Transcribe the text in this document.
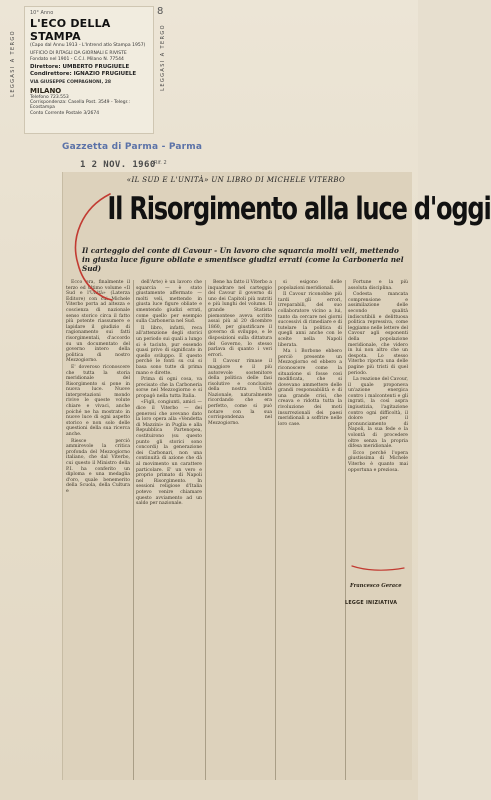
10° Anno
L'ECO DELLA STAMPA
(Capo dal Annu 1913 - L'Intrend atlo Stampa 1957)
UFFICIO DI RITAGLI DA GIORNALI E RIVISTE
Fondato nel 1901 - C.C.I. Milano N. 77544
Direttore: UMBERTO FRUGIUELE
Condirettore: IGNAZIO FRUGIUELE
VIA GIUSEPPE COMPAGNONI, 28
MILANO
Telefono 723.553
Corrispondenza: Casella Post. 3549 - Telegr.: Ecostampa
Conto Corrente Postale 3/2674
LEGGASI A TERGO	LEGGASI A TERGO
8
Gazzetta di Parma - Parma
1 2 NOV. 1960
Rif. 2
«IL SUD E L'UNITÀ» UN LIBRO DI MICHELE VITERBO
Il Risorgimento alla luce d'oggi
Il carteggio del conte di Cavour - Un lavoro che squarcia molti veli, mettendo in giusta luce figure obliate e smentisce giudizi errati (come la Carboneria nel Sud)

Ecco era, finalmente il terzo ed ultimo volume «Il Sud e l'Unità» (Laterza Editore) con cui Michele Viterbo porta ad altezza e coscienza di nazionale senso storico circa il fatto più potente riassumere e lapidare il giudizio di ragionamento sui fatti risorgimentali, d'accordo su un documentato del governo intero della politica di nostro Mezzogiorno.

E' doveroso riconoscere che tutta la storia meridionale del Risorgimento si pone in nuova luce. Nuove interpretazioni mondo rivive le queste volute chiare e vivaci, anche poiché ne ha mostrato in nuove luce di ogni aspetto storico e non solo delle questioni della sua ricerca anche.

Riesce perciò ammirevole la critica profonda del Mezzogiorno italiano, che dal Viterbo, cui questo il Ministro della P.I. ha conferito un diploma e una medaglia d'oro, quale benemerito della Scuola, della Cultura e

dell'Arte) è un lavoro che squarcia — è stato giustamente affermato — molti veli, mettendo in giusta luce figure obliate e smentendo giudizi errati, come quello per esempio sulla Carboneria nel Sud.

Il libro, infatti, reca all'attenzione degli storici un periodo sui quali a lungo si è taciuto, pur essendo quasi privo di significato in quello sviluppo. E questo perché le fonti su cui si basa sono tutte di prima mano e dirette.

Prima di ogni cosa, va precisato che la Carboneria sorse nel Mezzogiorno e si propagò nella tutta Italia.

«Figli, congiunti, amici — dice il Viterbo — dei generosi che avevano dato la loro opera alla «Vendetta di Mazzini» in Puglia e alla Repubblica Partenopea, costituirono (su questo punto gli storici sono concordi) la generazione dei Carbonari, non una continuità di azione che dà al movimento un carattere particolare. E' un vero e proprio primato di Napoli nel Risorgimento. In sessioni religiose d'Italia potevo venire chiamare questo avviamento ad un saldo per nazionale.

Bene ha fatto il Viterbo a inquadrare nel carteggio del Cavour il governo di uno dei Capitoli più nutriti e più lunghi del volume. Il grande Statista piemontese aveva scritto assai più al 20 dicembre 1860, per giustificare il governo di sviluppo, e le disposizioni sulla dittatura del Governo, lo stesso parlava di quanto i veri errori.

Il Cavour rimase il maggiore e il più autorevole sostenitore della politica delle fasi risolutive e conclusive della nostra Unità Nazionale, naturalmente ricordando che era perfetto, come si può notare con la sua corrispondenza nel Mezzogiorno.

si esigono delle popolazioni meridionali.

Il Cavour riconobbe più tardi gli errori, irreparabili, del suo collaboratore vicino a lui, tanto da cercare nei giorni successivi di rimediare e di tutelare la politica di quegli anni anche con le scelte nella Napoli liberata.

Ma i Borbone ebbero perciò presente un Mezzogiorno ed ebbero a riconoscere come la situazione si fosse così modificata, che si dovevano ammettere delle grandi responsabilità e di una grande crisi, che creava e ridotta tutta la rivoluzione dei moti insurrezionali dei paesi meridionali a soffrire nelle loro case.

Fortune e la più assoluta disciplina.

Codesta mancata comprensione e assimilazione delle secondo qualità indiscutibili e delittuosa politica repressiva, come leggiamo nelle lettere del Cavour agli esponenti della popolazione meridionale, che videro in lui non altro che un despota. Lo stesso Viterbo riporta una delle pagine più tristi di quel periodo.

La reazione del Cavour, il quale proponeva un'azione energica contro i malcontenti e gli ingrati, la così aspra ingiustizia, l'agitazione contro ogni difficoltà, il dolore per il pronunciamento di Napoli, la sua fede e la volontà di procedere oltre senza la propria difesa meridionale.

Ecco perché l'opera giustissima di Michele Viterbo è quanto mai opportuna e preziosa.

Francesco Gerace
LEGGE INIZIATIVA
